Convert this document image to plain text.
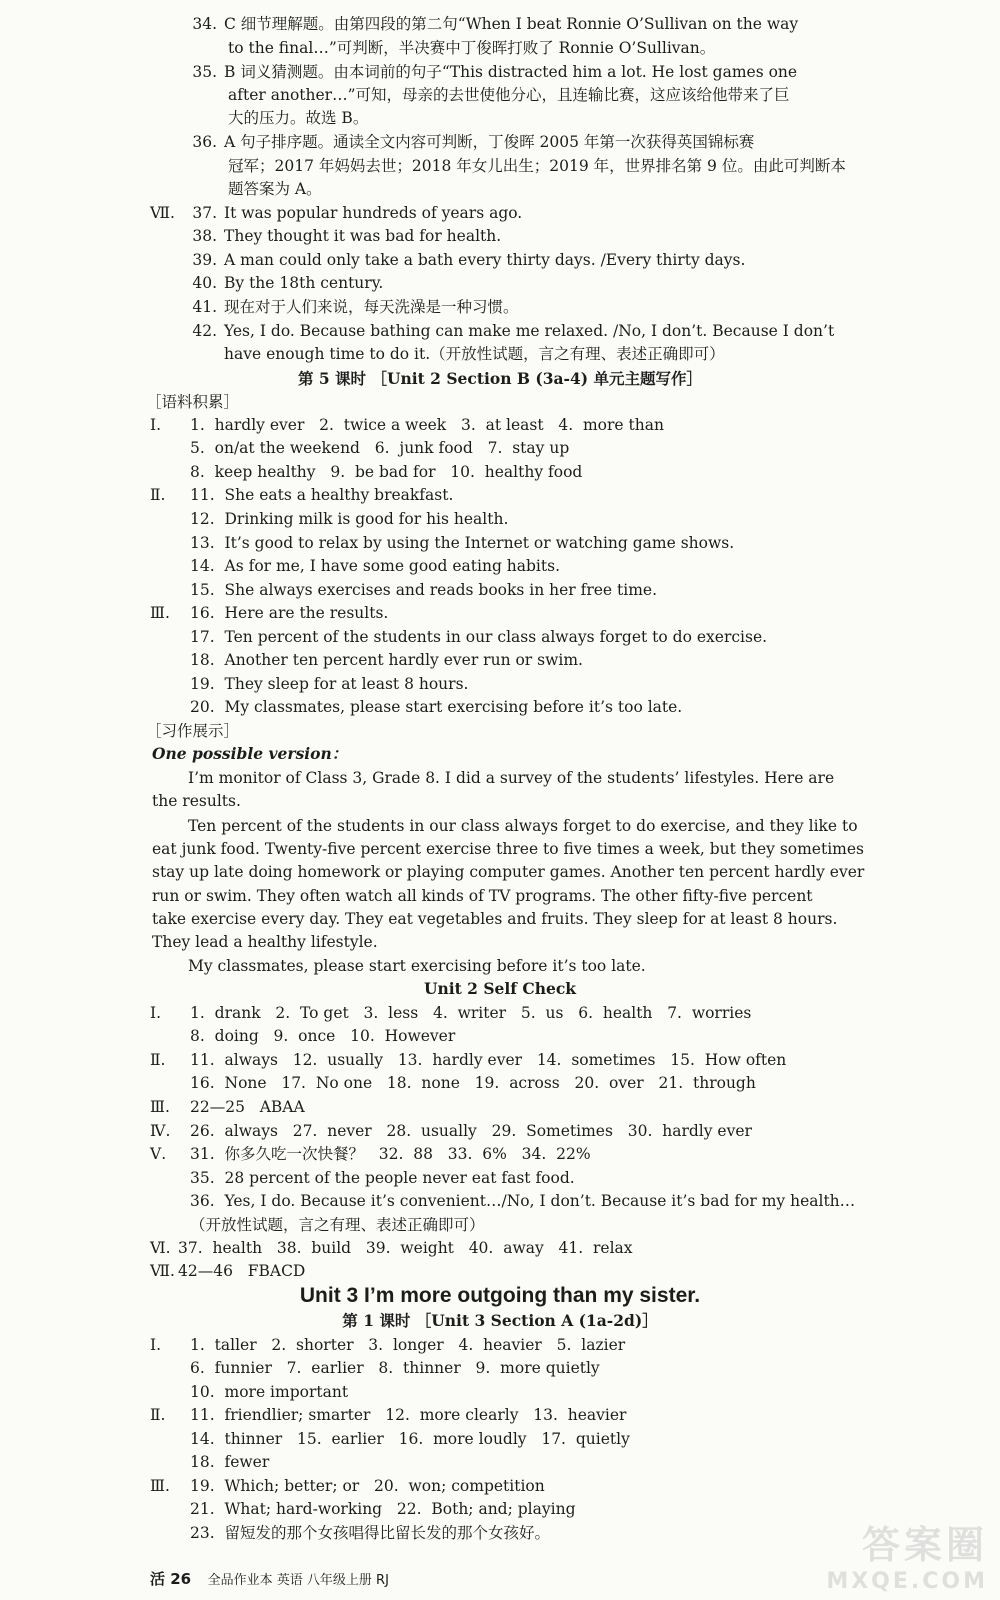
34. C 细节理解题。由第四段的第二句“When I beat Ronnie O’Sullivan on the way
to the final…”可判断，半决赛中丁俊晖打败了 Ronnie O’Sullivan。
35. B 词义猜测题。由本词前的句子“This distracted him a lot. He lost games one
after another…”可知，母亲的去世使他分心，且连输比赛，这应该给他带来了巨
大的压力。故选 B。
36. A 句子排序题。通读全文内容可判断，丁俊晖 2005 年第一次获得英国锦标赛
冠军；2017 年妈妈去世；2018 年女儿出生；2019 年，世界排名第 9 位。由此可判断本
题答案为 A。
Ⅶ. 37. It was popular hundreds of years ago.
38. They thought it was bad for health.
39. A man could only take a bath every thirty days. /Every thirty days.
40. By the 18th century.
41. 现在对于人们来说，每天洗澡是一种习惯。
42. Yes, I do. Because bathing can make me relaxed. /No, I don’t. Because I don’t
have enough time to do it.（开放性试题，言之有理、表述正确即可）
第 5 课时 ［Unit 2 Section B (3a-4) 单元主题写作］
［语料积累］
Ⅰ. 1.  hardly ever   2.  twice a week   3.  at least   4.  more than
5.  on/at the weekend   6.  junk food   7.  stay up
8.  keep healthy   9.  be bad for   10.  healthy food
Ⅱ. 11.  She eats a healthy breakfast.
12.  Drinking milk is good for his health.
13.  It’s good to relax by using the Internet or watching game shows.
14.  As for me, I have some good eating habits.
15.  She always exercises and reads books in her free time.
Ⅲ. 16.  Here are the results.
17.  Ten percent of the students in our class always forget to do exercise.
18.  Another ten percent hardly ever run or swim.
19.  They sleep for at least 8 hours.
20.  My classmates, please start exercising before it’s too late.
［习作展示］
One possible version：
I’m monitor of Class 3, Grade 8. I did a survey of the students’ lifestyles. Here are
the results.
Ten percent of the students in our class always forget to do exercise, and they like to
eat junk food. Twenty-five percent exercise three to five times a week, but they sometimes
stay up late doing homework or playing computer games. Another ten percent hardly ever
run or swim. They often watch all kinds of TV programs. The other fifty-five percent
take exercise every day. They eat vegetables and fruits. They sleep for at least 8 hours.
They lead a healthy lifestyle.
My classmates, please start exercising before it’s too late.
Unit 2 Self Check
Ⅰ. 1.  drank   2.  To get   3.  less   4.  writer   5.  us   6.  health   7.  worries
8.  doing   9.  once   10.  However
Ⅱ. 11.  always   12.  usually   13.  hardly ever   14.  sometimes   15.  How often
16.  None   17.  No one   18.  none   19.  across   20.  over   21.  through
Ⅲ. 22—25   ABAA
Ⅳ. 26.  always   27.  never   28.  usually   29.  Sometimes   30.  hardly ever
Ⅴ. 31.  你多久吃一次快餐？   32.  88   33.  6%   34.  22%
35.  28 percent of the people never eat fast food.
36.  Yes, I do. Because it’s convenient…/No, I don’t. Because it’s bad for my health…
（开放性试题，言之有理、表述正确即可）
Ⅵ. 37.  health   38.  build   39.  weight   40.  away   41.  relax
Ⅶ. 42—46   FBACD
Unit 3 I’m more outgoing than my sister.
第 1 课时 ［Unit 3 Section A (1a-2d)］
Ⅰ. 1.  taller   2.  shorter   3.  longer   4.  heavier   5.  lazier
6.  funnier   7.  earlier   8.  thinner   9.  more quietly
10.  more important
Ⅱ. 11.  friendlier; smarter   12.  more clearly   13.  heavier
14.  thinner   15.  earlier   16.  more loudly   17.  quietly
18.  fewer
Ⅲ. 19.  Which; better; or   20.  won; competition
21.  What; hard-working   22.  Both; and; playing
23.  留短发的那个女孩唱得比留长发的那个女孩好。
活 26 全品作业本 英语 八年级上册 RJ
答案圈
MXQE.COM
